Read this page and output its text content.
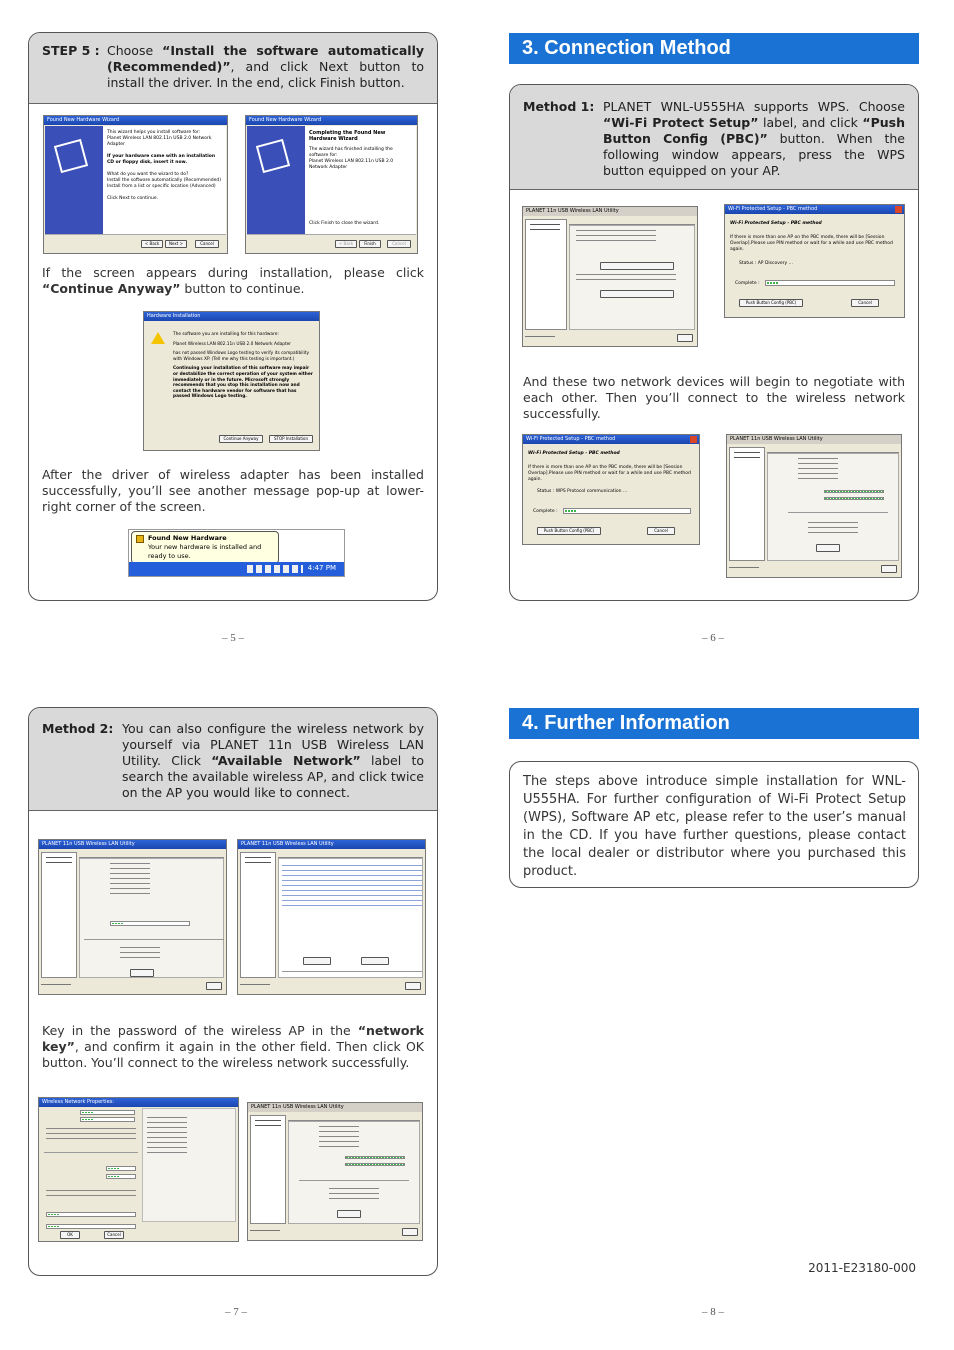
STEP 5 : Choose “Install the software automatically (Recommended)”, and click Next button to install the driver. In the end, click Finish button.
Found New Hardware Wizard
This wizard helps you install software for:
Planet Wireless LAN 802.11n USB 2.0 Network Adapter
If your hardware came with an installation CD or floppy disk, insert it now.
What do you want the wizard to do?
Install the software automatically (Recommended)
Install from a list or specific location (Advanced)
Click Next to continue.
< Back	Next >	Cancel
Found New Hardware Wizard
Completing the Found New Hardware Wizard
The wizard has finished installing the software for:
Planet Wireless LAN 802.11n USB 2.0 Network Adapter
Click Finish to close the wizard.
< Back	Finish	Cancel
If the screen appears during installation, please click “Continue Anyway” button to continue.
Hardware Installation
The software you are installing for this hardware:
Planet Wireless LAN 802.11n USB 2.0 Network Adapter
has not passed Windows Logo testing to verify its compatibility with Windows XP. (Tell me why this testing is important.)
Continuing your installation of this software may impair or destabilize the correct operation of your system either immediately or in the future. Microsoft strongly recommends that you stop this installation now and contact the hardware vendor for software that has passed Windows Logo testing.
Continue Anyway	STOP Installation
After the driver of wireless adapter has been installed successfully, you’ll see another message pop-up at lower-right corner of the screen.
Found New Hardware
Your new hardware is installed and ready to use.
4:47 PM
– 5 –
3. Connection Method
Method 1: PLANET WNL-U555HA supports WPS. Choose “Wi-Fi Protect Setup” label, and click “Push Button Config (PBC)” button. When the following window appears, press the WPS button equipped on your AP.
PLANET 11n USB Wireless LAN Utility	Wi-Fi Protected Setup - PBC method
Wi-Fi Protected Setup - PBC method
If there is more than one AP on the PBC mode, there will be [Session Overlap].Please use PIN method or wait for a while and use PBC method again.
Status : AP Discovery ...
Complete :
Push Button Config (PBC)	Cancel
And these two network devices will begin to negotiate with each other. Then you’ll connect to the wireless network successfully.
Wi-Fi Protected Setup - PBC method
Wi-Fi Protected Setup - PBC method
If there is more than one AP on the PBC mode, there will be [Session Overlap].Please use PIN method or wait for a while and use PBC method again.
Status : WPS Protocol communication ...
Complete :
Push Button Config (PBC)	Cancel
PLANET 11n USB Wireless LAN Utility
– 6 –
Method 2: You can also configure the wireless network by yourself via PLANET 11n USB Wireless LAN Utility. Click “Available Network” label to search the available wireless AP, and click twice on the AP you would like to connect.
PLANET 11n USB Wireless LAN Utility	PLANET 11n USB Wireless LAN Utility
Key in the password of the wireless AP in the “network key”, and confirm it again in the other field. Then click OK button. You’ll connect to the wireless network successfully.
Wireless Network Properties:
OK	Cancel
PLANET 11n USB Wireless LAN Utility
– 7 –
4. Further Information
The steps above introduce simple installation for WNL-U555HA. For further configuration of Wi-Fi Protect Setup (WPS), Software AP etc, please refer to the user’s manual in the CD. If you have further questions, please contact the local dealer or distributor where you purchased this product.
2011-E23180-000
– 8 –
